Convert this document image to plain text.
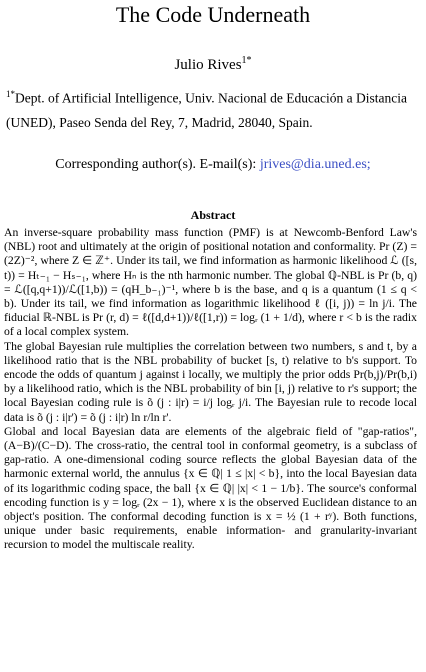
The Code Underneath
Julio Rives$^{1*}$
$^{1*}$Dept. of Artificial Intelligence, Univ. Nacional de Educación a Distancia (UNED), Paseo Senda del Rey, 7, Madrid, 28040, Spain.
Corresponding author(s). E-mail(s): jrives@dia.uned.es;
Abstract

An inverse-square probability mass function (PMF) is at Newcomb-Benford Law's (NBL) root and ultimately at the origin of positional notation and conformality. Pr (Z) = (2Z)⁻², where Z ∈ ℤ⁺. Under its tail, we find information as harmonic likelihood ℒ ([s, t)) = Hₜ₋₁ − Hₛ₋₁, where Hₙ is the nth harmonic number. The global ℚ-NBL is Pr (b, q) = ℒ([q,q+1))/ℒ([1,b)) = (qH_b₋₁)⁻¹, where b is the base, and q is a quantum (1 ≤ q < b). Under its tail, we find information as logarithmic likelihood ℓ ([i, j)) = ln j/i. The fiducial ℝ-NBL is Pr (r, d) = ℓ([d,d+1))/ℓ([1,r)) = logᵣ (1 + 1/d), where r < b is the radix of a local complex system.

The global Bayesian rule multiplies the correlation between two numbers, s and t, by a likelihood ratio that is the NBL probability of bucket [s, t) relative to b's support. To encode the odds of quantum j against i locally, we multiply the prior odds Pr(b,j)/Pr(b,i) by a likelihood ratio, which is the NBL probability of bin [i, j) relative to r's support; the local Bayesian coding rule is õ (j : i|r) = i/j logᵣ j/i. The Bayesian rule to recode local data is õ (j : i|r') = õ (j : i|r) ln r/ln r'.

Global and local Bayesian data are elements of the algebraic field of "gap-ratios", (A−B)/(C−D). The cross-ratio, the central tool in conformal geometry, is a subclass of gap-ratio. A one-dimensional coding source reflects the global Bayesian data of the harmonic external world, the annulus {x ∈ ℚ| 1 ≤ |x| < b}, into the local Bayesian data of its logarithmic coding space, the ball {x ∈ ℚ| |x| < 1 − 1/b}. The source's conformal encoding function is y = logᵣ (2x − 1), where x is the observed Euclidean distance to an object's position. The conformal decoding function is x = ½ (1 + rʸ). Both functions, unique under basic requirements, enable information- and granularity-invariant recursion to model the multiscale reality.
